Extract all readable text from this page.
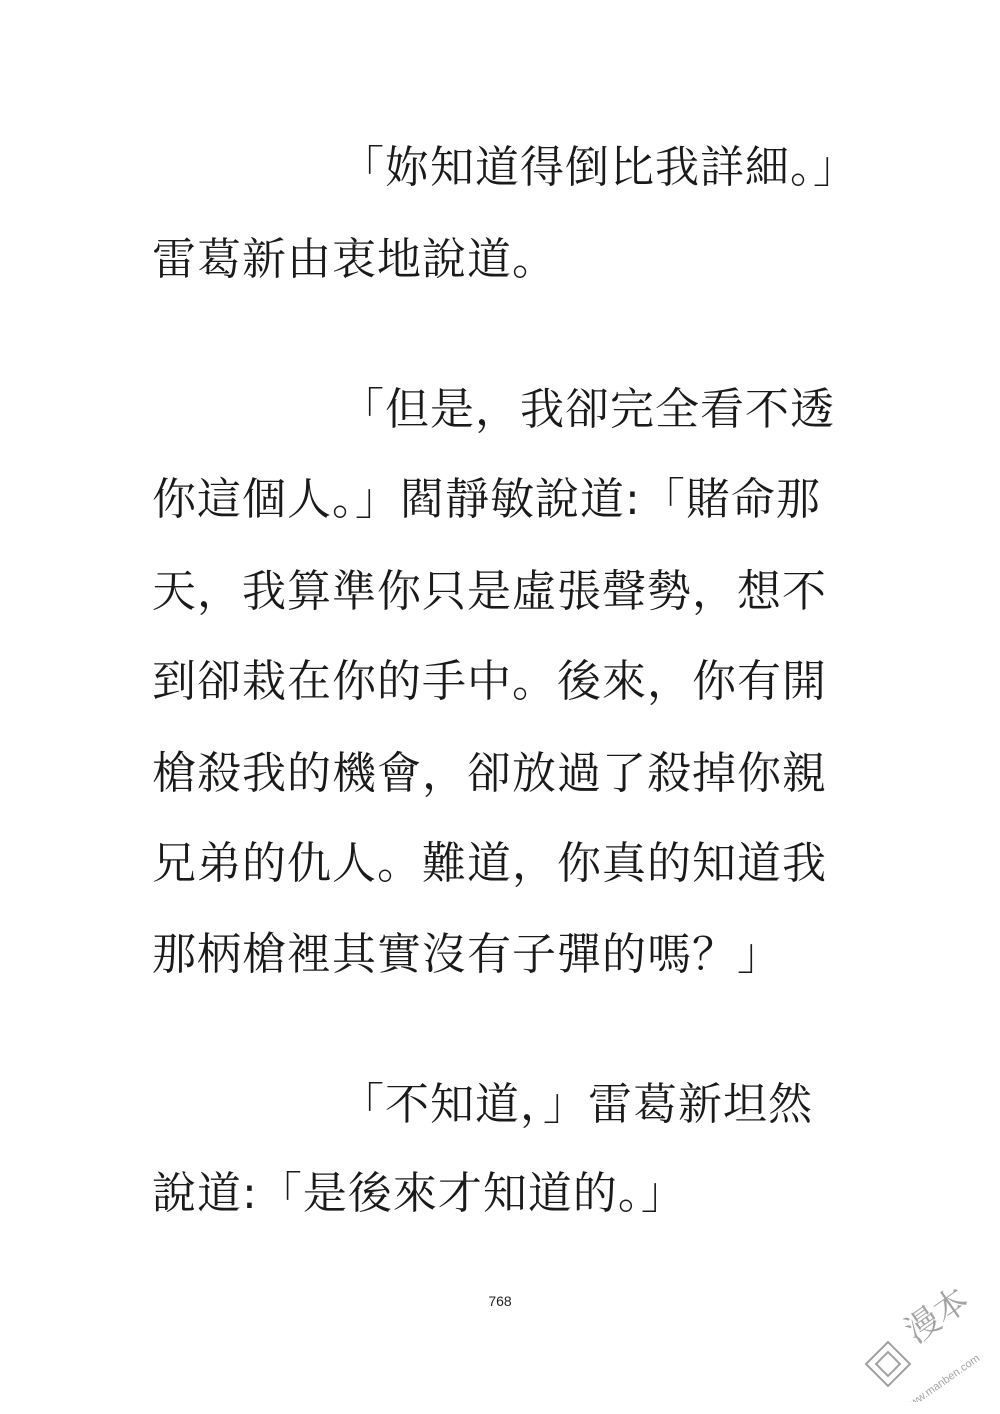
「妳知道得倒比我詳細。」
雷葛新由衷地說道。
「但是，我卻完全看不透
你這個人。」閻靜敏說道:「賭命那
天，我算準你只是虛張聲勢，想不
到卻栽在你的手中。後來，你有開
槍殺我的機會，卻放過了殺掉你親
兄弟的仇人。難道，你真的知道我
那柄槍裡其實沒有子彈的嗎？」
「不知道，」雷葛新坦然
說道:「是後來才知道的。」
768	漫本
www.manben.com
